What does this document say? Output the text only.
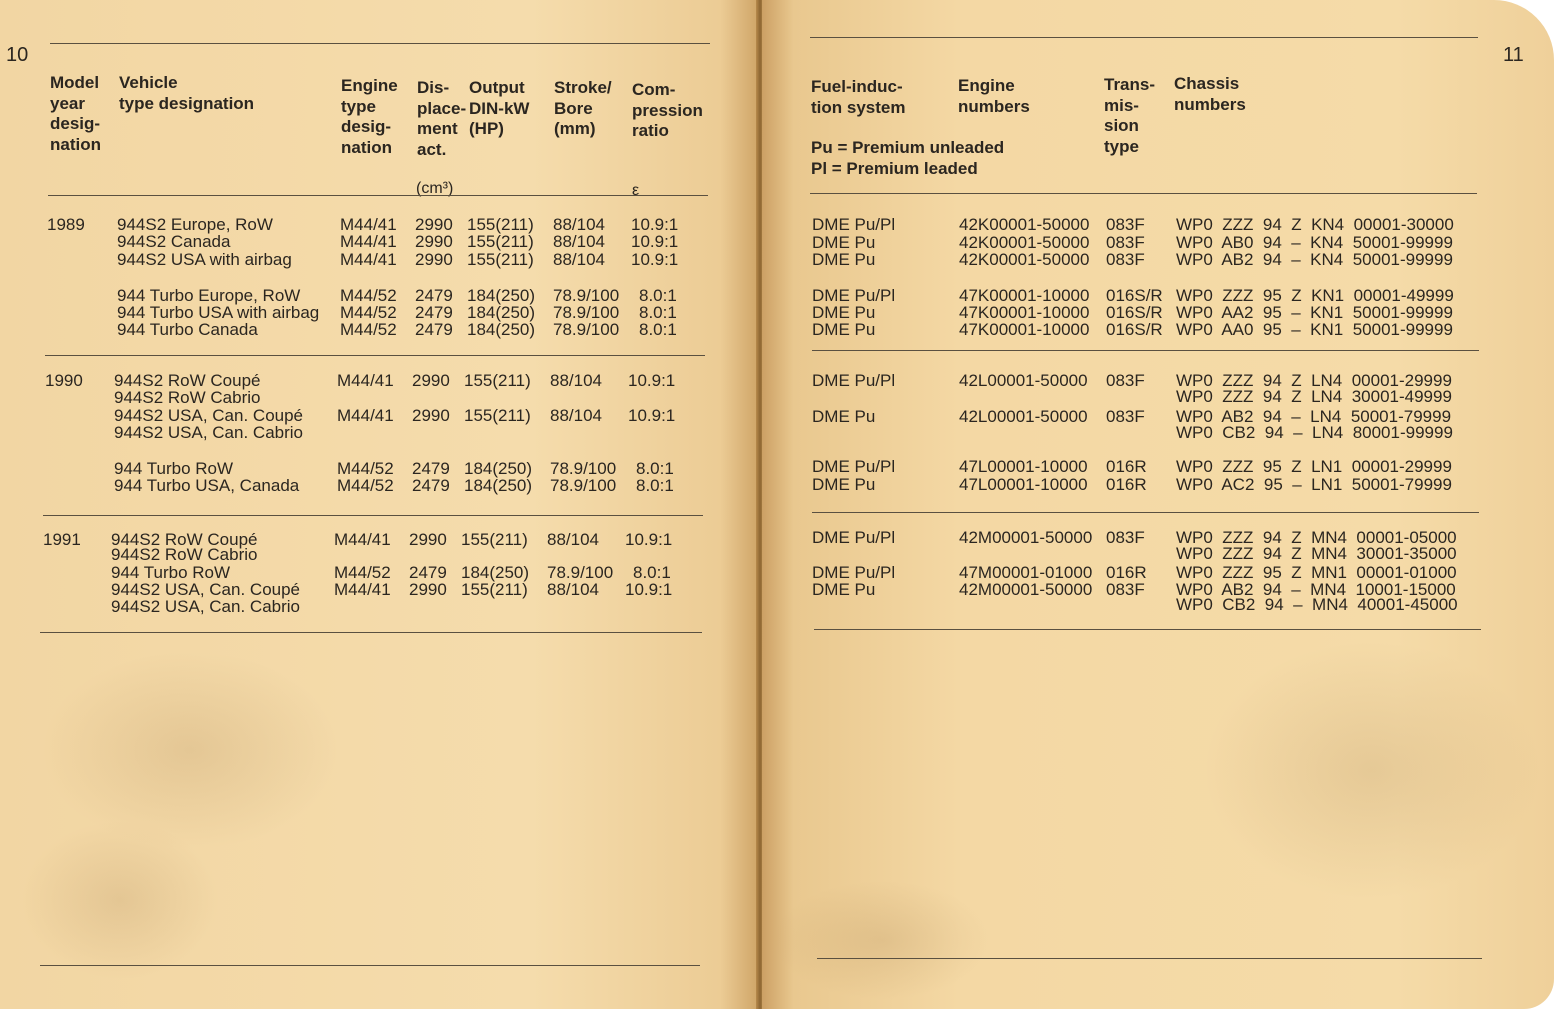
10
Model
year
desig-
nation
Vehicle
type designation
Engine
type
desig-
nation
Dis-
place-
ment
act.
Output
DIN-kW
(HP)
Stroke/
Bore
(mm)
Com-
pression
ratio
(cm³)	ε
1989 944S2 Europe, RoW	M44/41 2990 155(211) 88/104 10.9:1
944S2 Canada	M44/41 2990 155(211) 88/104 10.9:1
944S2 USA with airbag	M44/41 2990 155(211) 88/104 10.9:1
944 Turbo Europe, RoW M44/52 2479 184(250) 78.9/100 8.0:1
944 Turbo USA with airbag M44/52 2479 184(250) 78.9/100 8.0:1
944 Turbo Canada	M44/52 2479 184(250) 78.9/100 8.0:1
1990 944S2 RoW Coupé	M44/41 2990 155(211) 88/104 10.9:1
944S2 RoW Cabrio
944S2 USA, Can. Coupé M44/41 2990 155(211) 88/104 10.9:1
944S2 USA, Can. Cabrio
944 Turbo RoW	M44/52 2479 184(250) 78.9/100 8.0:1
944 Turbo USA, Canada M44/52 2479 184(250) 78.9/100 8.0:1
1991 944S2 RoW Coupé	M44/41 2990 155(211) 88/104 10.9:1
944S2 RoW Cabrio
944 Turbo RoW	M44/52 2479 184(250) 78.9/100 8.0:1
944S2 USA, Can. Coupé M44/41 2990 155(211) 88/104 10.9:1
944S2 USA, Can. Cabrio
11
Fuel-induc-
tion system
Pu = Premium unleaded
Pl = Premium leaded
Engine
numbers
Trans-
mis-
sion
type
Chassis
numbers
DME Pu/Pl	42K00001-50000 083F WP0  ZZZ  94  Z  KN4  00001-30000
DME Pu	42K00001-50000 083F WP0  AB0  94  –  KN4  50001-99999
DME Pu	42K00001-50000 083F WP0  AB2  94  –  KN4  50001-99999
DME Pu/Pl	47K00001-10000 016S/R WP0  ZZZ  95  Z  KN1  00001-49999
DME Pu	47K00001-10000 016S/R WP0  AA2  95  –  KN1  50001-99999
DME Pu	47K00001-10000 016S/R WP0  AA0  95  –  KN1  50001-99999
DME Pu/Pl	42L00001-50000 083F WP0  ZZZ  94  Z  LN4  00001-29999
WP0  ZZZ  94  Z  LN4  30001-49999
DME Pu	42L00001-50000 083F WP0  AB2  94  –  LN4  50001-79999
WP0  CB2  94  –  LN4  80001-99999
DME Pu/Pl	47L00001-10000 016R WP0  ZZZ  95  Z  LN1  00001-29999
DME Pu	47L00001-10000 016R WP0  AC2  95  –  LN1  50001-79999
DME Pu/Pl	42M00001-50000 083F WP0  ZZZ  94  Z  MN4  00001-05000
WP0  ZZZ  94  Z  MN4  30001-35000
DME Pu/Pl	47M00001-01000 016R WP0  ZZZ  95  Z  MN1  00001-01000
DME Pu	42M00001-50000 083F WP0  AB2  94  –  MN4  10001-15000
WP0  CB2  94  –  MN4  40001-45000
